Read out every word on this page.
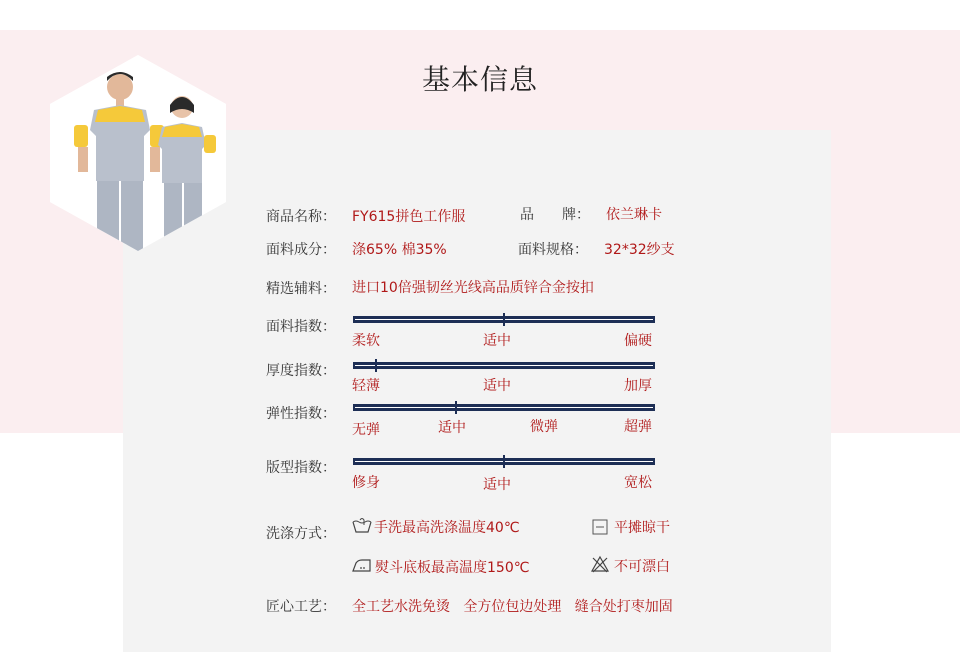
基本信息
商品名称： FY615拼色工作服	品　　牌： 依兰琳卡
面料成分： 涤65% 棉35%	面料规格： 32*32纱支
精选辅料： 进口10倍强韧丝光线高品质锌合金按扣
面料指数：
柔软	适中	偏硬
厚度指数：
轻薄	适中	加厚
弹性指数：
无弹	适中	微弹	超弹
版型指数：
修身	适中	宽松
洗涤方式：	手洗最高洗涤温度40℃	平摊晾干
熨斗底板最高温度150℃	不可漂白
匠心工艺： 全工艺水洗免烫   全方位包边处理   缝合处打枣加固
